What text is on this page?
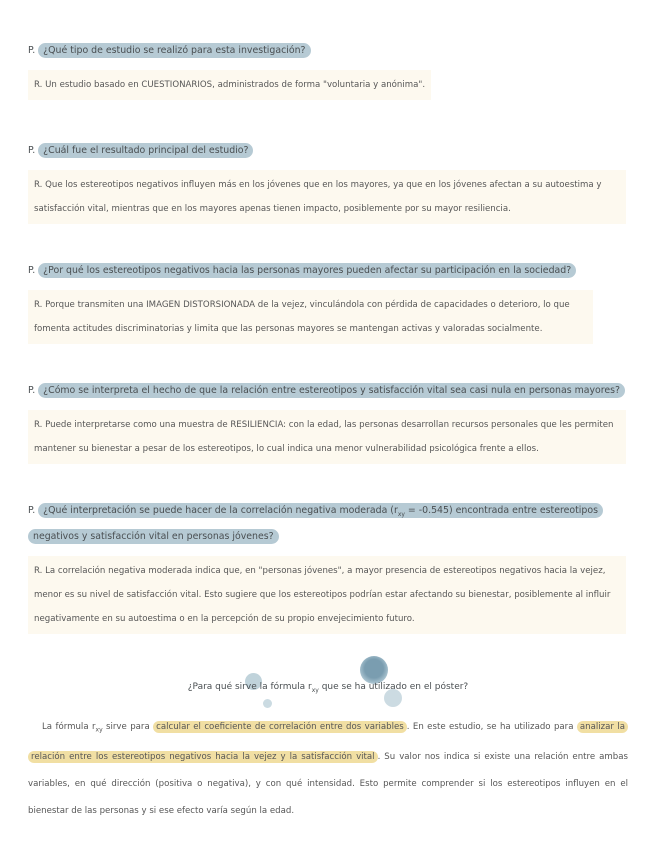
P. ¿Qué tipo de estudio se realizó para esta investigación?
R. Un estudio basado en CUESTIONARIOS, administrados de forma "voluntaria y anónima".
P. ¿Cuál fue el resultado principal del estudio?
R. Que los estereotipos negativos influyen más en los jóvenes que en los mayores, ya que en los jóvenes afectan a su autoestima y satisfacción vital, mientras que en los mayores apenas tienen impacto, posiblemente por su mayor resiliencia.
P. ¿Por qué los estereotipos negativos hacia las personas mayores pueden afectar su participación en la sociedad?
R. Porque transmiten una IMAGEN DISTORSIONADA de la vejez, vinculándola con pérdida de capacidades o deterioro, lo que fomenta actitudes discriminatorias y limita que las personas mayores se mantengan activas y valoradas socialmente.
P. ¿Cómo se interpreta el hecho de que la relación entre estereotipos y satisfacción vital sea casi nula en personas mayores?
R. Puede interpretarse como una muestra de RESILIENCIA: con la edad, las personas desarrollan recursos personales que les permiten mantener su bienestar a pesar de los estereotipos, lo cual indica una menor vulnerabilidad psicológica frente a ellos.
P. ¿Qué interpretación se puede hacer de la correlación negativa moderada $(r_{xy} = -0.545)$ encontrada entre estereotipos negativos y satisfacción vital en personas jóvenes?
R. La correlación negativa moderada indica que, en "personas jóvenes", a mayor presencia de estereotipos negativos hacia la vejez, menor es su nivel de satisfacción vital. Esto sugiere que los estereotipos podrían estar afectando su bienestar, posiblemente al influir negativamente en su autoestima o en la percepción de su propio envejecimiento futuro.
¿Para qué sirve la fórmula $r_{xy}$ que se ha utilizado en el póster?
La fórmula $r_{xy}$ sirve para calcular el coeficiente de correlación entre dos variables . En este estudio, se ha utilizado para analizar la relación entre los estereotipos negativos hacia la vejez y la satisfacción vital . Su valor nos indica si existe una relación entre ambas variables, en qué dirección (positiva o negativa), y con qué intensidad. Esto permite comprender si los estereotipos influyen en el bienestar de las personas y si ese efecto varía según la edad.
